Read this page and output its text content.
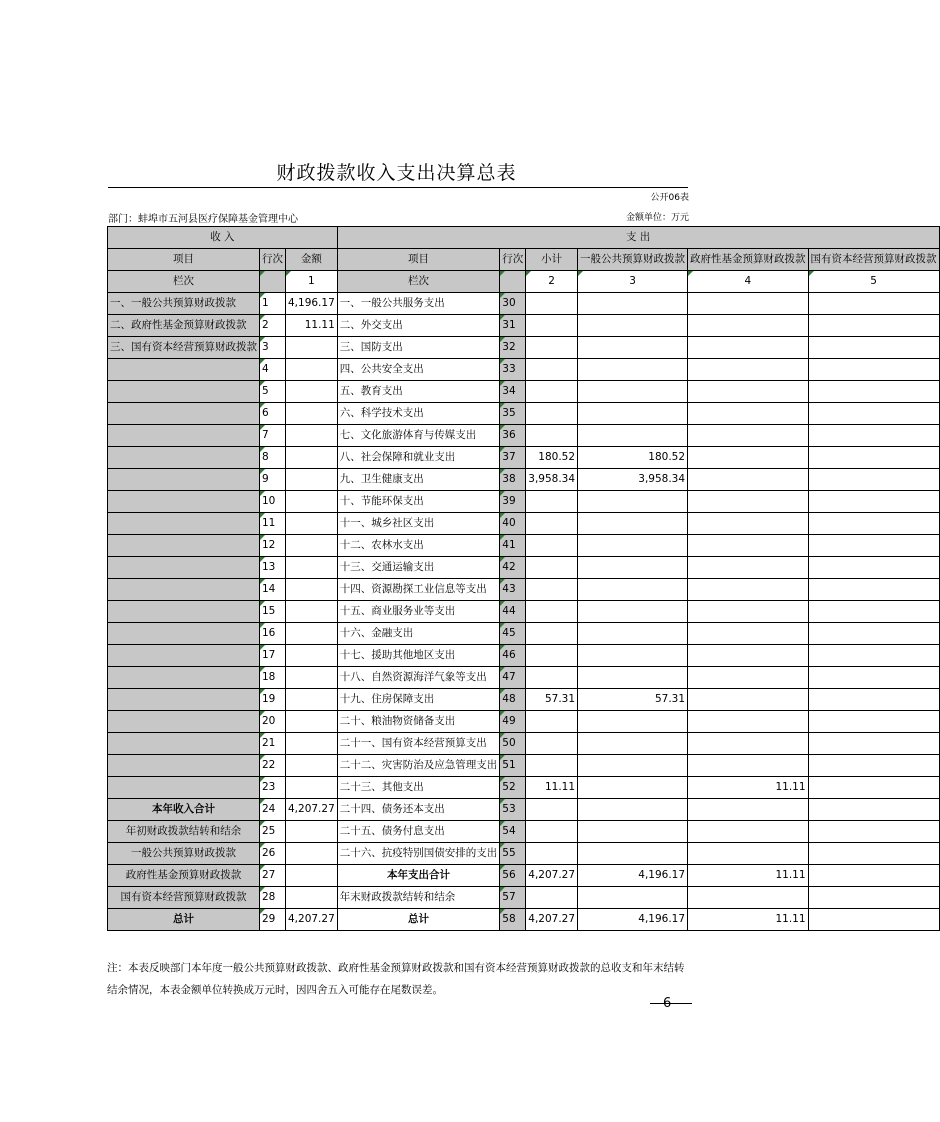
财政拨款收入支出决算总表
公开06表
部门：蚌埠市五河县医疗保障基金管理中心	金额单位：万元
收 入			支 出					
项目	行次	金额	项目	行次	小计	一般公共预算财政拨款	政府性基金预算财政拨款	国有资本经营预算财政拨款
栏次		1	栏次		2	3	4	5
一、一般公共预算财政拨款	1	4,196.17	一、一般公共服务支出	30				
二、政府性基金预算财政拨款	2	11.11	二、外交支出	31				
三、国有资本经营预算财政拨款	3		三、国防支出	32				
	4		四、公共安全支出	33				
	5		五、教育支出	34				
	6		六、科学技术支出	35				
	7		七、文化旅游体育与传媒支出	36				
	8		八、社会保障和就业支出	37	180.52	180.52		
	9		九、卫生健康支出	38	3,958.34	3,958.34		
	10		十、节能环保支出	39				
	11		十一、城乡社区支出	40				
	12		十二、农林水支出	41				
	13		十三、交通运输支出	42				
	14		十四、资源勘探工业信息等支出	43				
	15		十五、商业服务业等支出	44				
	16		十六、金融支出	45				
	17		十七、援助其他地区支出	46				
	18		十八、自然资源海洋气象等支出	47				
	19		十九、住房保障支出	48	57.31	57.31		
	20		二十、粮油物资储备支出	49				
	21		二十一、国有资本经营预算支出	50				
	22		二十二、灾害防治及应急管理支出	51				
	23		二十三、其他支出	52	11.11		11.11	
本年收入合计	24	4,207.27	二十四、债务还本支出	53				
年初财政拨款结转和结余	25		二十五、债务付息支出	54				
一般公共预算财政拨款	26		二十六、抗疫特别国债安排的支出	55				
政府性基金预算财政拨款	27		本年支出合计	56	4,207.27	4,196.17	11.11	
国有资本经营预算财政拨款	28		年末财政拨款结转和结余	57				
总计	29	4,207.27	总计	58	4,207.27	4,196.17	11.11	
注：本表反映部门本年度一般公共预算财政拨款、政府性基金预算财政拨款和国有资本经营预算财政拨款的总收支和年末结转结余情况，本表金额单位转换成万元时，因四舍五入可能存在尾数误差。
—6—
